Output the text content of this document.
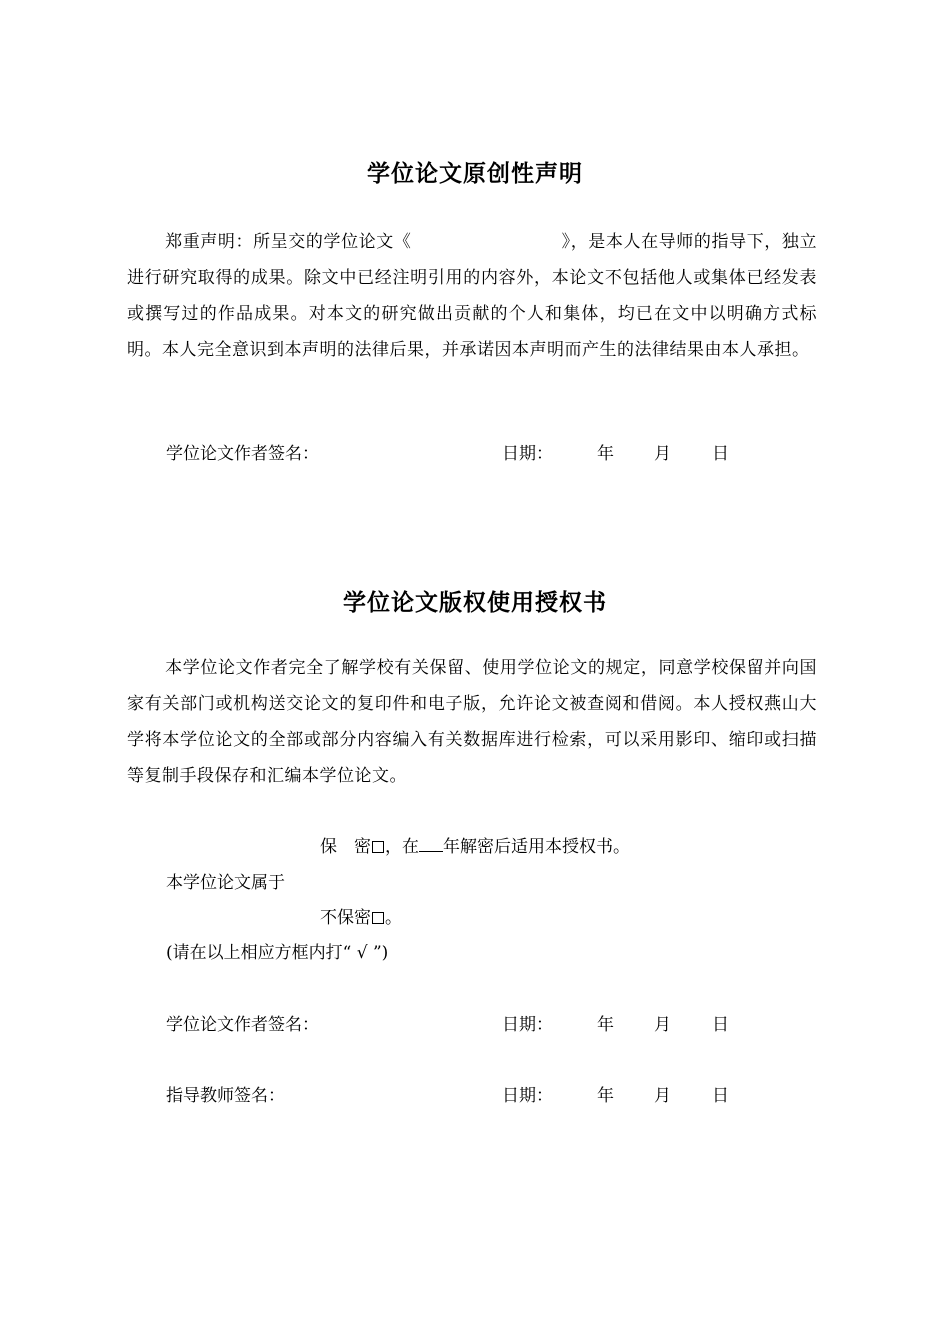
学位论文原创性声明
郑重声明：所呈交的学位论文《	》，是本人在导师的指导下，独立进行研究取得的成果。除文中已经注明引用的内容外，本论文不包括他人或集体已经发表或撰写过的作品成果。对本文的研究做出贡献的个人和集体，均已在文中以明确方式标明。本人完全意识到本声明的法律后果，并承诺因本声明而产生的法律结果由本人承担。
学位论文作者签名：	日期：	年 月 日
学位论文版权使用授权书
本学位论文作者完全了解学校有关保留、使用学位论文的规定，同意学校保留并向国家有关部门或机构送交论文的复印件和电子版，允许论文被查阅和借阅。本人授权燕山大学将本学位论文的全部或部分内容编入有关数据库进行检索，可以采用影印、缩印或扫描等复制手段保存和汇编本学位论文。
保　密 ，在 年解密后适用本授权书。
本学位论文属于
不保密 。
(请在以上相应方框内打“ √ ”)
学位论文作者签名：	日期：	年 月 日
指导教师签名：	日期：	年 月 日
